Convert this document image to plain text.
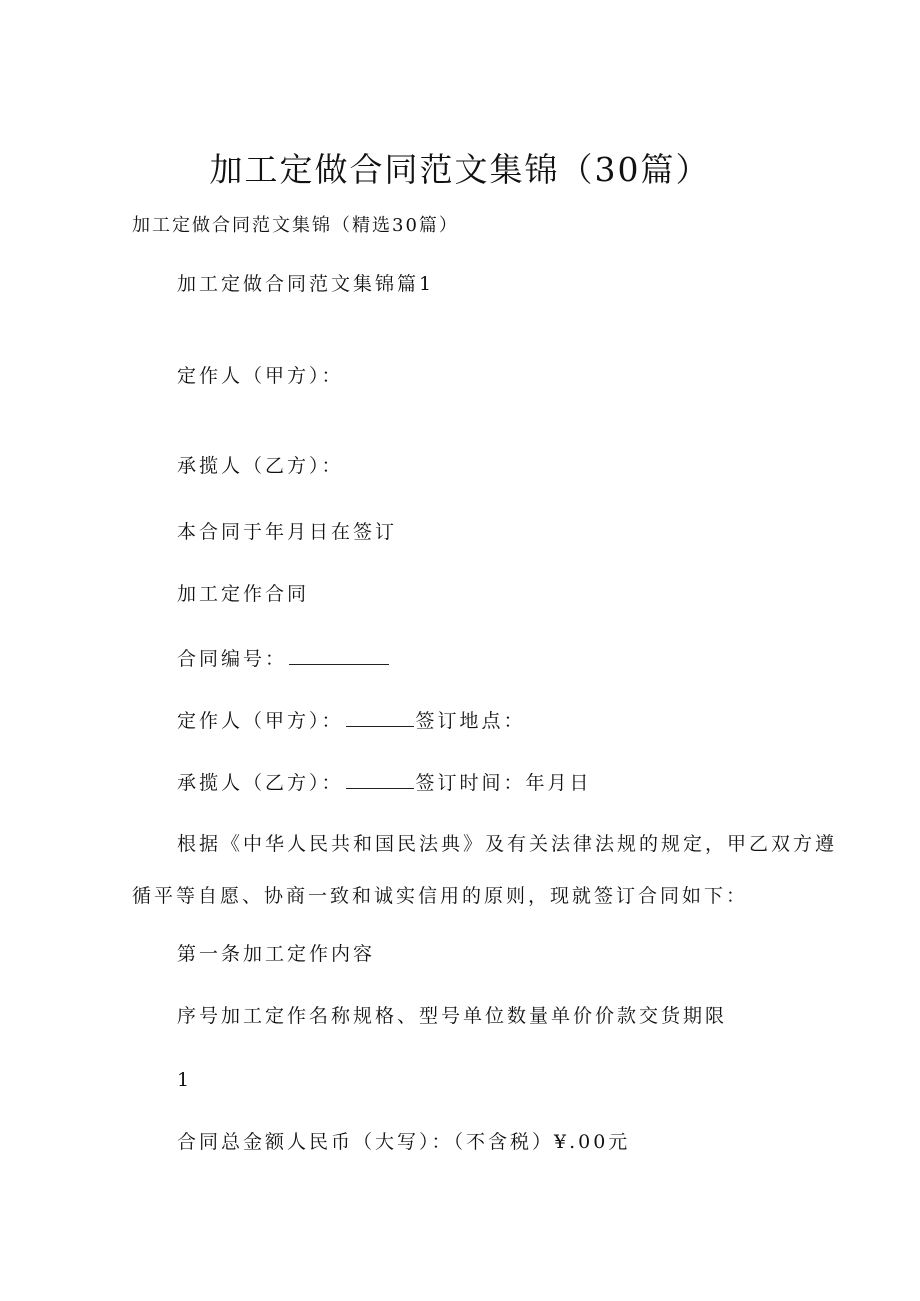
加工定做合同范文集锦（30篇）
加工定做合同范文集锦（精选30篇）
加工定做合同范文集锦篇1
定作人（甲方）：
承揽人（乙方）：
本合同于年月日在签订
加工定作合同
合同编号：
定作人（甲方）：	签订地点：
承揽人（乙方）：	签订时间：年月日
根据《中华人民共和国民法典》及有关法律法规的规定，甲乙双方遵
循平等自愿、协商一致和诚实信用的原则，现就签订合同如下：
第一条加工定作内容
序号加工定作名称规格、型号单位数量单价价款交货期限
1
合同总金额人民币（大写）：（不含税）¥.00元
